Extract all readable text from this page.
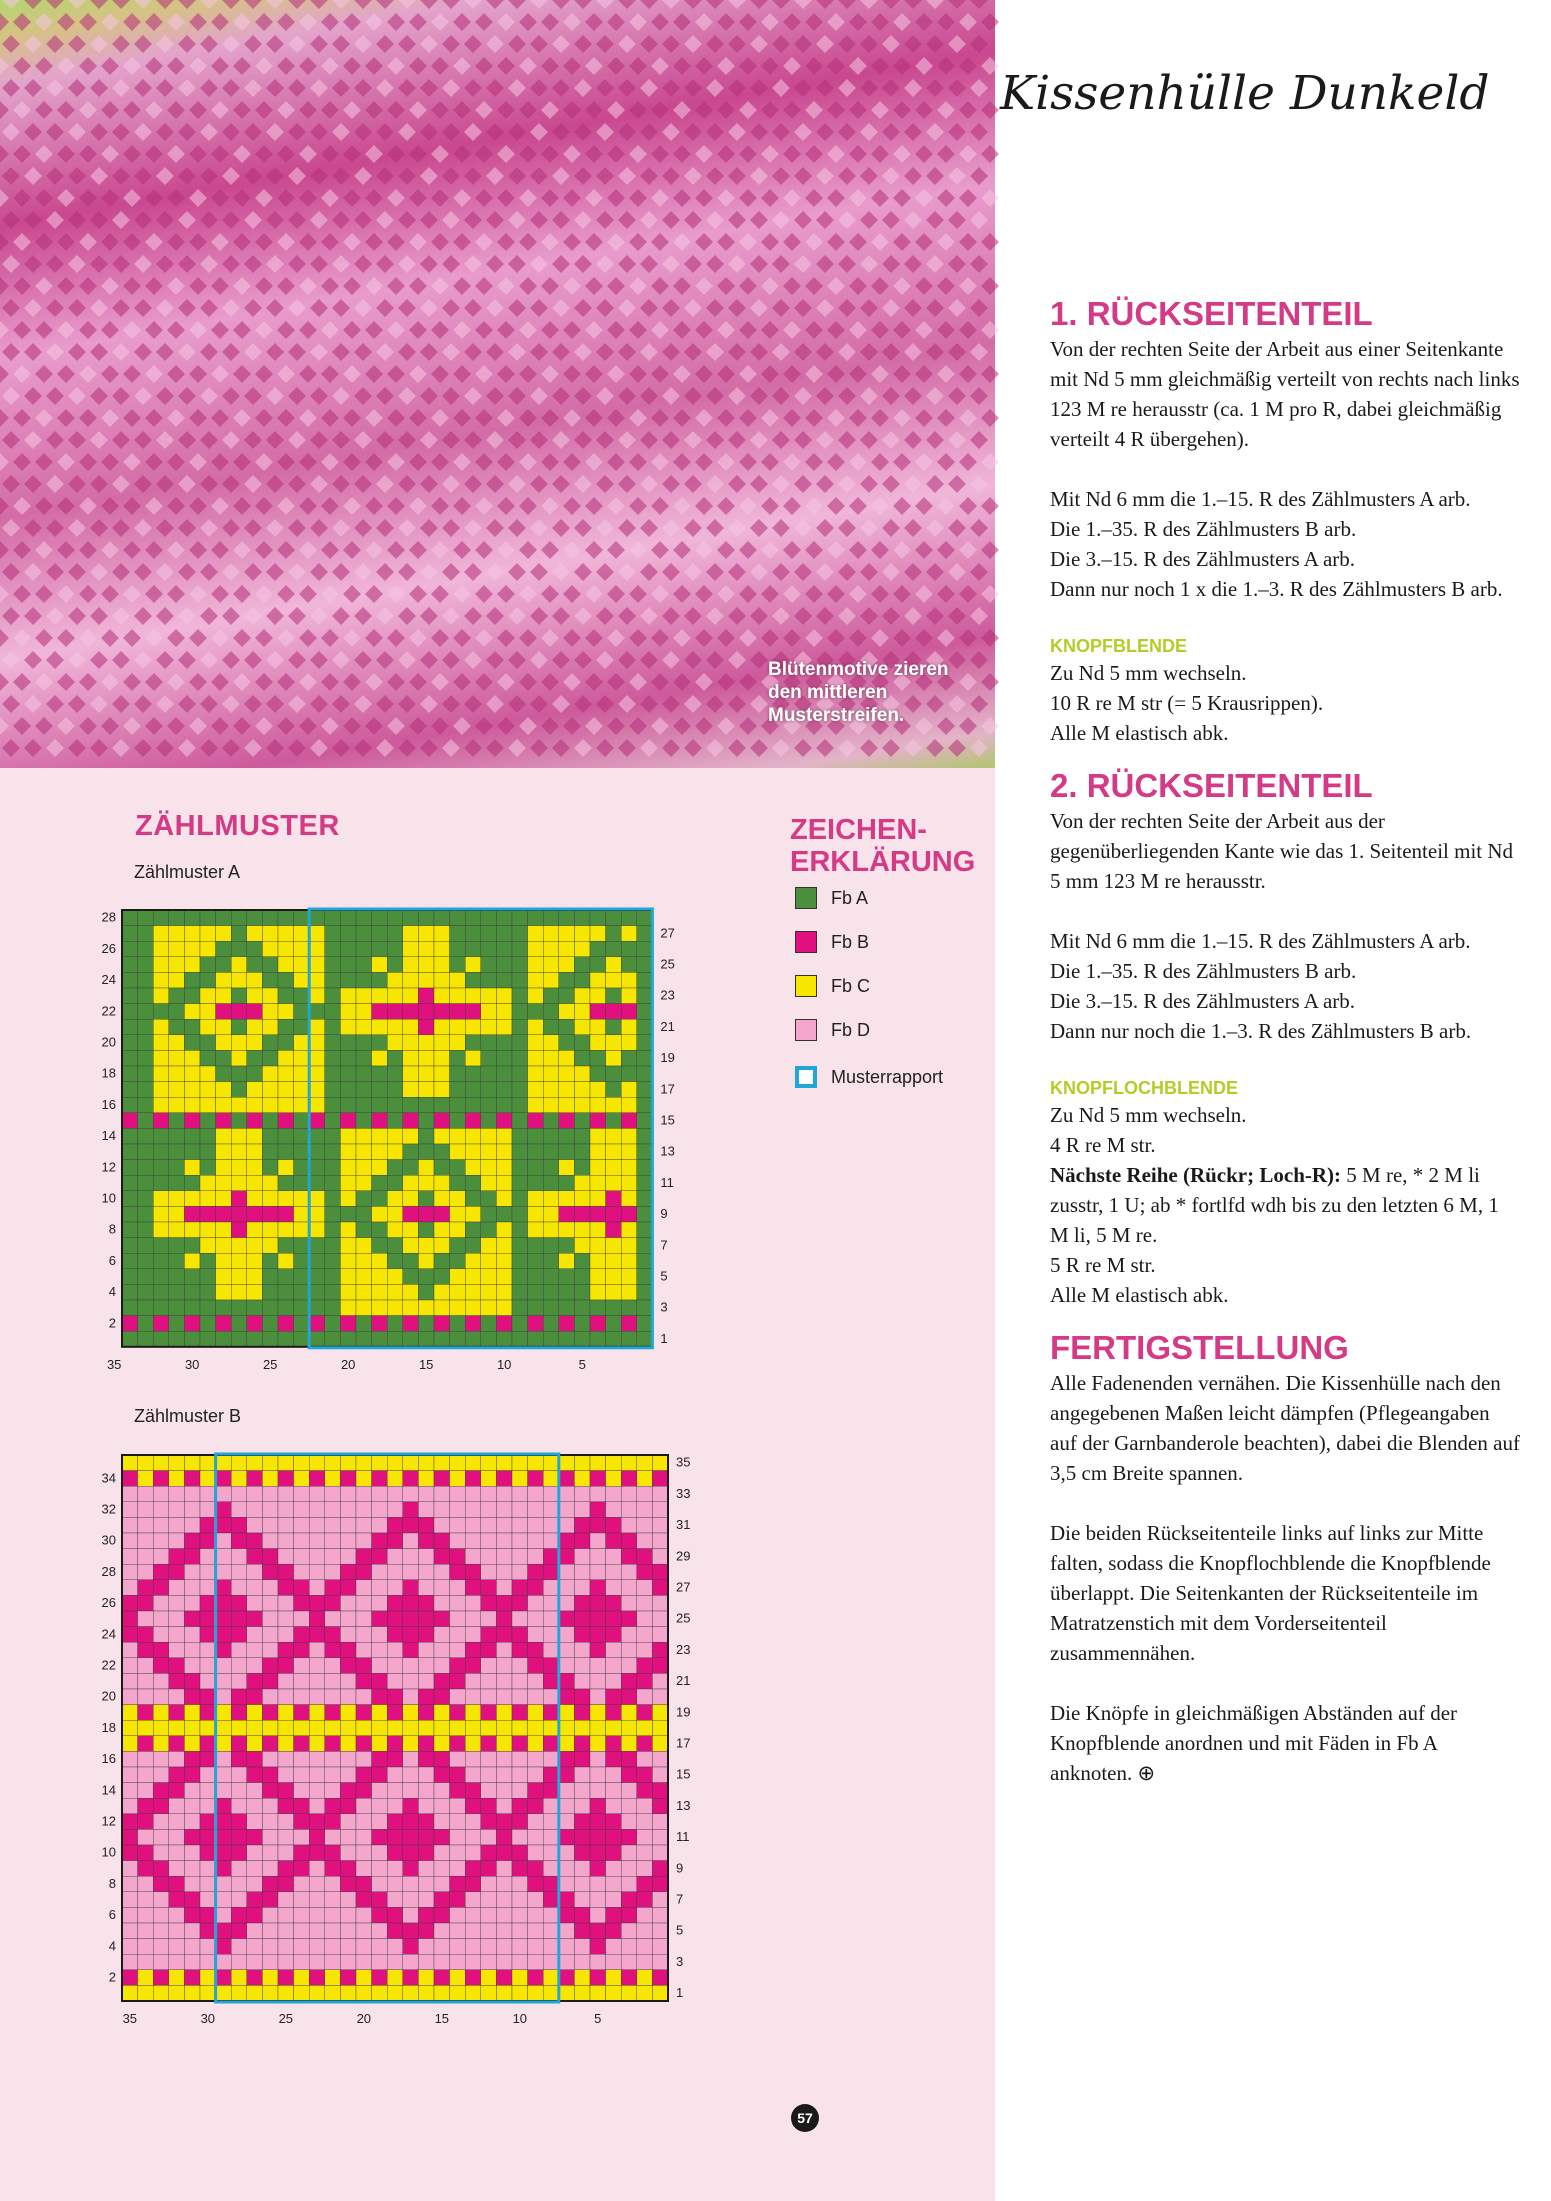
Blütenmotive zieren den mittleren Musterstreifen.
ZÄHLMUSTER	ZEICHEN-
ERKLÄRUNG
Zählmuster A
1
2
3
4
5
6
7
8
9
10
11
12
13
14
15
16
17
18
19
20
21
22
23
24
25
26
27
28
35	30	25	20	15	10	5
Zählmuster B
1
2
3
4
5
6
7
8
9
10
11
12
13
14
15
16
17
18
19
20
21
22
23
24
25
26
27
28
29
30
31
32
33
34
35
35	30	25	20	15	10	5
Fb A
Fb B
Fb C
Fb D
Musterrapport
57
Kissenhülle Dunkeld
1. RÜCKSEITENTEIL

Von der rechten Seite der Arbeit aus einer Seitenkante mit Nd 5 mm gleichmäßig verteilt von rechts nach links 123 M re herausstr (ca. 1 M pro R, dabei gleichmäßig verteilt 4 R übergehen).

Mit Nd 6 mm die 1.–15. R des Zählmusters A arb.

Die 1.–35. R des Zählmusters B arb.

Die 3.–15. R des Zählmusters A arb.

Dann nur noch 1 x die 1.–3. R des Zählmusters B arb.

KNOPFBLENDE

Zu Nd 5 mm wechseln.

10 R re M str (= 5 Krausrippen).

Alle M elastisch abk.

2. RÜCKSEITENTEIL

Von der rechten Seite der Arbeit aus der gegenüberliegenden Kante wie das 1. Seitenteil mit Nd 5 mm 123 M re herausstr.

Mit Nd 6 mm die 1.–15. R des Zählmusters A arb.

Die 1.–35. R des Zählmusters B arb.

Die 3.–15. R des Zählmusters A arb.

Dann nur noch die 1.–3. R des Zählmusters B arb.

KNOPFLOCHBLENDE

Zu Nd 5 mm wechseln.

4 R re M str.

Nächste Reihe (Rückr; Loch-R): 5 M re, * 2 M li zusstr, 1 U; ab * fortlfd wdh bis zu den letzten 6 M, 1 M li, 5 M re.

5 R re M str.

Alle M elastisch abk.

FERTIGSTELLUNG

Alle Fadenenden vernähen. Die Kissenhülle nach den angegebenen Maßen leicht dämpfen (Pflegeangaben auf der Garnbanderole beachten), dabei die Blenden auf 3,5 cm Breite spannen.

Die beiden Rückseitenteile links auf links zur Mitte falten, sodass die Knopflochblende die Knopfblende überlappt. Die Seitenkanten der Rückseitenteile im Matratzenstich mit dem Vorderseitenteil zusammennähen.

Die Knöpfe in gleichmäßigen Abständen auf der Knopfblende anordnen und mit Fäden in Fb A anknoten. ⊕
